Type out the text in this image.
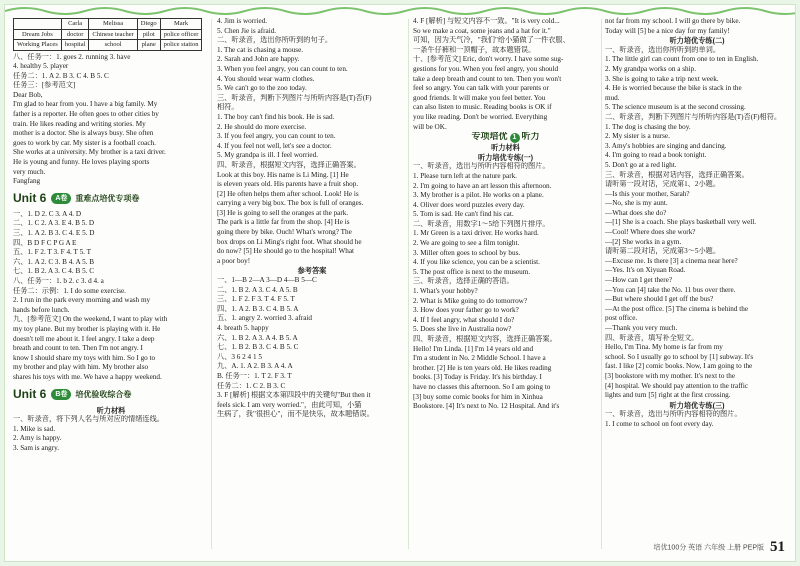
	Carla	Melissa	Diego	Mark
Dream Jobs	doctor	Chinese teacher	pilot	police officer
Working Places	hospital	school	plane	police station

八、任务一：1. goes 2. running 3. have

4. healthy 5. player

任务二：1. A 2. B 3. C 4. B 5. C

任务三：[参考范文]

Dear Bob,

I'm glad to hear from you. I have a big family. My

father is a reporter. He often goes to other cities by

train. He likes reading and writing stories. My

mother is a doctor. She is always busy. She often

goes to work by car. My sister is a football coach.

She works at a university. My brother is a taxi driver.

He is young and funny. He loves playing sports

very much.

Fangfang

Unit 6	A卷	重难点培优专项卷

一、1. D 2. C 3. A 4. D

二、1. C 2. A 3. E 4. B 5. D

三、1. A 2. B 3. C 4. E 5. D

四、B D F C P G A E

五、1. F 2. T 3. F 4. T 5. T

六、1. A 2. C 3. B 4. A 5. B

七、1. B 2. A 3. C 4. B 5. C

八、任务一：1. b 2. c 3. d 4. a

任务二：示例：1. I do some exercise.

2. I run in the park every morning and wash my

hands before lunch.

九、[参考范文] On the weekend, I want to play with

my toy plane. But my brother is playing with it. He

doesn't tell me about it. I feel angry. I take a deep

breath and count to ten. Then I'm not angry. I

know I should share my toys with him. So I go to

my brother and play with him. My brother also

shares his toys with me. We have a happy weekend.

Unit 6	B卷	培优验收综合卷

听力材料

一、听录音，将下列人名与所对应的情绪连线。

1. Mike is sad.

2. Amy is happy.

3. Sam is angry.

4. Jim is worried.

5. Chen Jie is afraid.

二、听录音，选出你所听到的句子。

1. The cat is chasing a mouse.

2. Sarah and John are happy.

3. When you feel angry, you can count to ten.

4. You should wear warm clothes.

5. We can't go to the zoo today.

三、听录音，判断下列图片与所听内容是(T)否(F)

相符。

1. The boy can't find his book. He is sad.

2. He should do more exercise.

3. If you feel angry, you can count to ten.

4. If you feel not well, let's see a doctor.

5. My grandpa is ill. I feel worried.

四、听录音，根据短文内容，选择正确答案。

Look at this boy. His name is Li Ming. [1] He

is eleven years old. His parents have a fruit shop.

[2] He often helps them after school. Look! He is

carrying a very big box. The box is full of oranges.

[3] He is going to sell the oranges at the park.

The park is a little far from the shop. [4] He is

going there by bike. Ouch! What's wrong? The

box drops on Li Ming's right foot. What should he

do now? [5] He should go to the hospital! What

a poor boy!

参考答案

一、1—B 2—A 3—D 4—B 5—C

二、1. B 2. A 3. C 4. A 5. B

三、1. F 2. F 3. T 4. F 5. T

四、1. A 2. B 3. C 4. B 5. A

五、1. angry 2. worried 3. afraid

4. breath 5. happy

六、1. B 2. A 3. A 4. B 5. A

七、1. B 2. B 3. C 4. B 5. C

八、3 6 2 4 1 5

九、A. 1. A 2. B 3. A 4. A

B. 任务一：1. T 2. F 3. T

任务二：1. C 2. B 3. C

3. F [解析] 根据文本第四段中的关键句"But then it

feels sick. I am very worried."，由此可知，小猫

生病了，我"很担心"，而不是快乐，故本题错误。

4. F [解析] 与短文内容不一致。"It is very cold...

So we make a coat, some jeans and a hat for it."

可知，因为天气冷，"我们"给小猫做了一件衣服、

一条牛仔裤和一顶帽子，故本题错误。

十、[参考范文] Eric, don't worry. I have some sug-

gestions for you. When you feel angry, you should

take a deep breath and count to ten. Then you won't

feel so angry. You can talk with your parents or

good friends. It will make you feel better. You

can also listen to music. Reading books is OK if

you like reading. Don't be worried. Everything

will be OK.

专项培优 1 听力

听力材料

听力培优专练(一)

一、听录音，选出与所听内容相符的图片。

1. Please turn left at the nature park.

2. I'm going to have an art lesson this afternoon.

3. My brother is a pilot. He works on a plane.

4. Oliver does word puzzles every day.

5. Tom is sad. He can't find his cat.

二、听录音，用数字1～5给下列图片排序。

1. Mr Green is a taxi driver. He works hard.

2. We are going to see a film tonight.

3. Miller often goes to school by bus.

4. If you like science, you can be a scientist.

5. The post office is next to the museum.

三、听录音，选择正确的答语。

1. What's your hobby?

2. What is Mike going to do tomorrow?

3. How does your father go to work?

4. If I feel angry, what should I do?

5. Does she live in Australia now?

四、听录音，根据短文内容，选择正确答案。

Hello! I'm Linda. [1] I'm 14 years old and

I'm a student in No. 2 Middle School. I have a

brother. [2] He is ten years old. He likes reading

books. [3] Today is Friday. It's his birthday. I

have no classes this afternoon. So I am going to

[3] buy some comic books for him in Xinhua

Bookstore. [4] It's next to No. 12 Hospital. And it's

not far from my school. I will go there by bike.

Today will [5] be a nice day for my family!

听力培优专练(二)

一、听录音，选出你所听到的单词。

1. The little girl can count from one to ten in English.

2. My grandpa works on a ship.

3. She is going to take a trip next week.

4. He is worried because the bike is stack in the

mud.

5. The science museum is at the second crossing.

二、听录音，判断下列图片与所听内容是(T)否(F)相符。

1. The dog is chasing the boy.

2. My sister is a nurse.

3. Amy's hobbies are singing and dancing.

4. I'm going to read a book tonight.

5. Don't go at a red light.

三、听录音，根据对话内容，选择正确答案。

请听第一段对话，完成第1、2小题。

—Is this your mother, Sarah?

—No, she is my aunt.

—What does she do?

—[1] She is a coach. She plays basketball very well.

—Cool! Where does she work?

—[2] She works in a gym.

请听第二段对话，完成第3～5小题。

—Excuse me. Is there [3] a cinema near here?

—Yes. It's on Xiyuan Road.

—How can I get there?

—You can [4] take the No. 11 bus over there.

—But where should I get off the bus?

—At the post office. [5] The cinema is behind the

post office.

—Thank you very much.

四、听录音，填写补全短文。

Hello, I'm Tina. My home is far from my

school. So I usually go to school by [1] subway. It's

fast. I like [2] comic books. Now, I am going to the

[3] bookstore with my mother. It's next to the

[4] hospital. We should pay attention to the traffic

lights and turn [5] right at the first crossing.

听力培优专练(三)

一、听录音，选出与所听内容相符的图片。

1. I come to school on foot every day.

培优100分 英语 六年级 上册 PEP版 51
